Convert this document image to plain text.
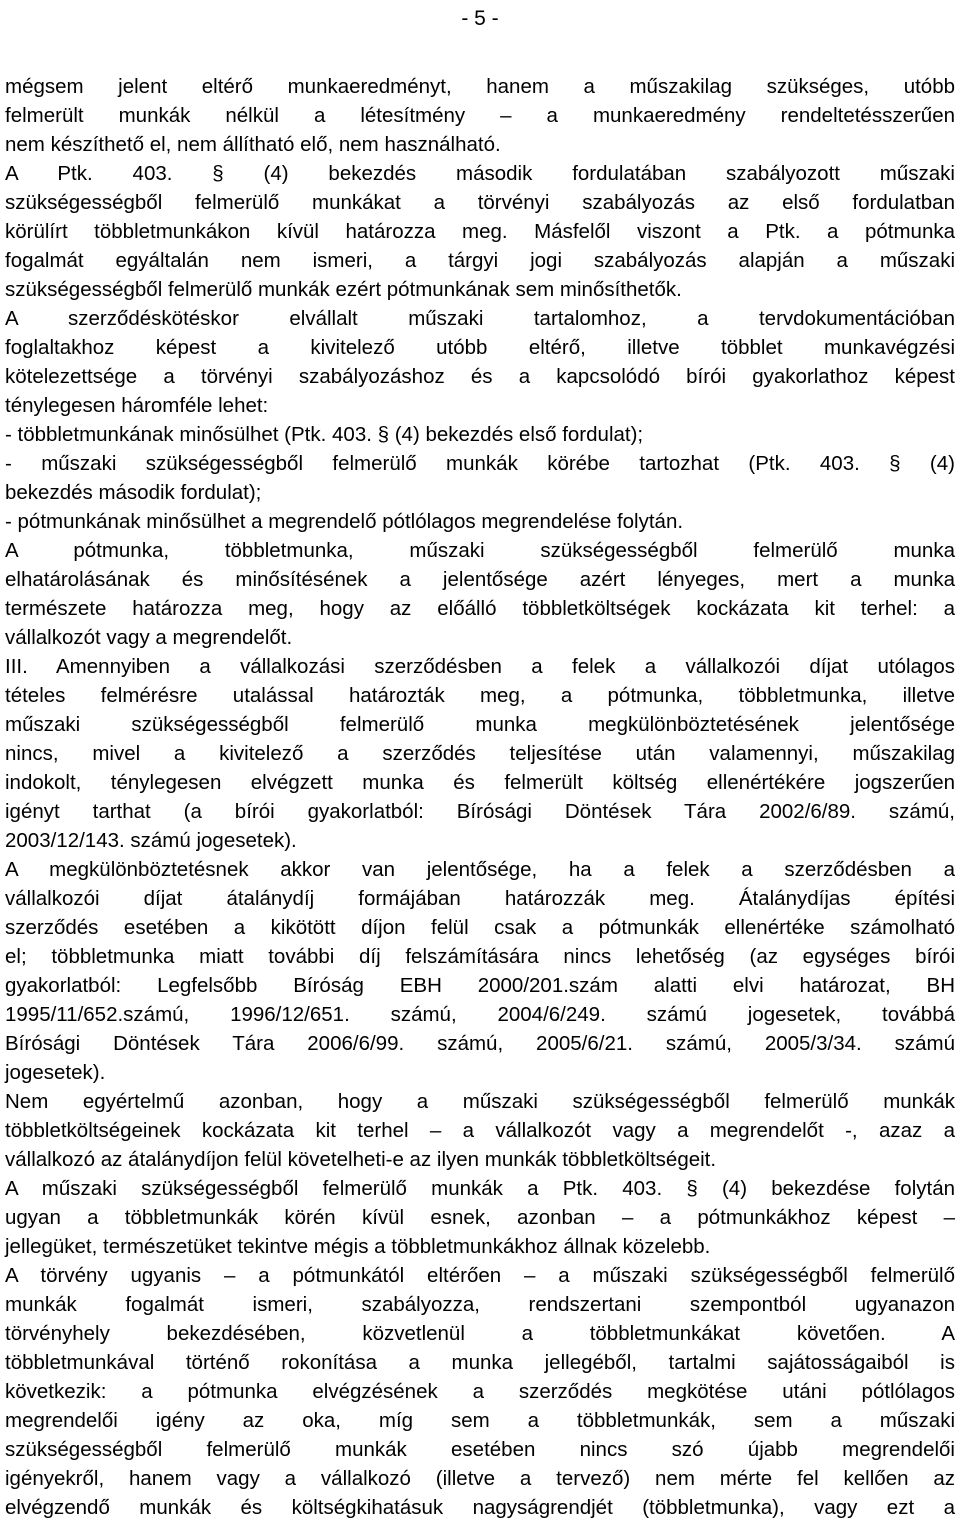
- 5 -
mégsem jelent eltérő munkaeredményt, hanem a műszakilag szükséges, utóbb
felmerült munkák nélkül a létesítmény – a munkaeredmény rendeltetésszerűen
nem készíthető el, nem állítható elő, nem használható.
A Ptk. 403. § (4) bekezdés második fordulatában szabályozott műszaki
szükségességből felmerülő munkákat a törvényi szabályozás az első fordulatban
körülírt többletmunkákon kívül határozza meg. Másfelől viszont a Ptk. a pótmunka
fogalmát egyáltalán nem ismeri, a tárgyi jogi szabályozás alapján a műszaki
szükségességből felmerülő munkák ezért pótmunkának sem minősíthetők.
A szerződéskötéskor elvállalt műszaki tartalomhoz, a tervdokumentációban
foglaltakhoz képest a kivitelező utóbb eltérő, illetve többlet munkavégzési
kötelezettsége a törvényi szabályozáshoz és a kapcsolódó bírói gyakorlathoz képest
ténylegesen háromféle lehet:
- többletmunkának minősülhet (Ptk. 403. § (4) bekezdés első fordulat);
- műszaki szükségességből felmerülő munkák körébe tartozhat (Ptk. 403. § (4)
bekezdés második fordulat);
- pótmunkának minősülhet a megrendelő pótlólagos megrendelése folytán.
A pótmunka, többletmunka, műszaki szükségességből felmerülő munka
elhatárolásának és minősítésének a jelentősége azért lényeges, mert a munka
természete határozza meg, hogy az előálló többletköltségek kockázata kit terhel: a
vállalkozót vagy a megrendelőt.
III. Amennyiben a vállalkozási szerződésben a felek a vállalkozói díjat utólagos
tételes felmérésre utalással határozták meg, a pótmunka, többletmunka, illetve
műszaki szükségességből felmerülő munka megkülönböztetésének jelentősége
nincs, mivel a kivitelező a szerződés teljesítése után valamennyi, műszakilag
indokolt, ténylegesen elvégzett munka és felmerült költség ellenértékére jogszerűen
igényt tarthat (a bírói gyakorlatból: Bírósági Döntések Tára 2002/6/89. számú,
2003/12/143. számú jogesetek).
A megkülönböztetésnek akkor van jelentősége, ha a felek a szerződésben a
vállalkozói díjat átalánydíj formájában határozzák meg. Átalánydíjas építési
szerződés esetében a kikötött díjon felül csak a pótmunkák ellenértéke számolható
el; többletmunka miatt további díj felszámítására nincs lehetőség (az egységes bírói
gyakorlatból: Legfelsőbb Bíróság EBH 2000/201.szám alatti elvi határozat, BH
1995/11/652.számú, 1996/12/651. számú, 2004/6/249. számú jogesetek, továbbá
Bírósági Döntések Tára 2006/6/99. számú, 2005/6/21. számú, 2005/3/34. számú
jogesetek).
Nem egyértelmű azonban, hogy a műszaki szükségességből felmerülő munkák
többletköltségeinek kockázata kit terhel – a vállalkozót vagy a megrendelőt -, azaz a
vállalkozó az átalánydíjon felül követelheti-e az ilyen munkák többletköltségeit.
A műszaki szükségességből felmerülő munkák a Ptk. 403. § (4) bekezdése folytán
ugyan a többletmunkák körén kívül esnek, azonban – a pótmunkákhoz képest –
jellegüket, természetüket tekintve mégis a többletmunkákhoz állnak közelebb.
A törvény ugyanis – a pótmunkától eltérően – a műszaki szükségességből felmerülő
munkák fogalmát ismeri, szabályozza, rendszertani szempontból ugyanazon
törvényhely bekezdésében, közvetlenül a többletmunkákat követően. A
többletmunkával történő rokonítása a munka jellegéből, tartalmi sajátosságaiból is
következik: a pótmunka elvégzésének a szerződés megkötése utáni pótlólagos
megrendelői igény az oka, míg sem a többletmunkák, sem a műszaki
szükségességből felmerülő munkák esetében nincs szó újabb megrendelői
igényekről, hanem vagy a vállalkozó (illetve a tervező) nem mérte fel kellően az
elvégzendő munkák és költségkihatásuk nagyságrendjét (többletmunka), vagy ezt a
